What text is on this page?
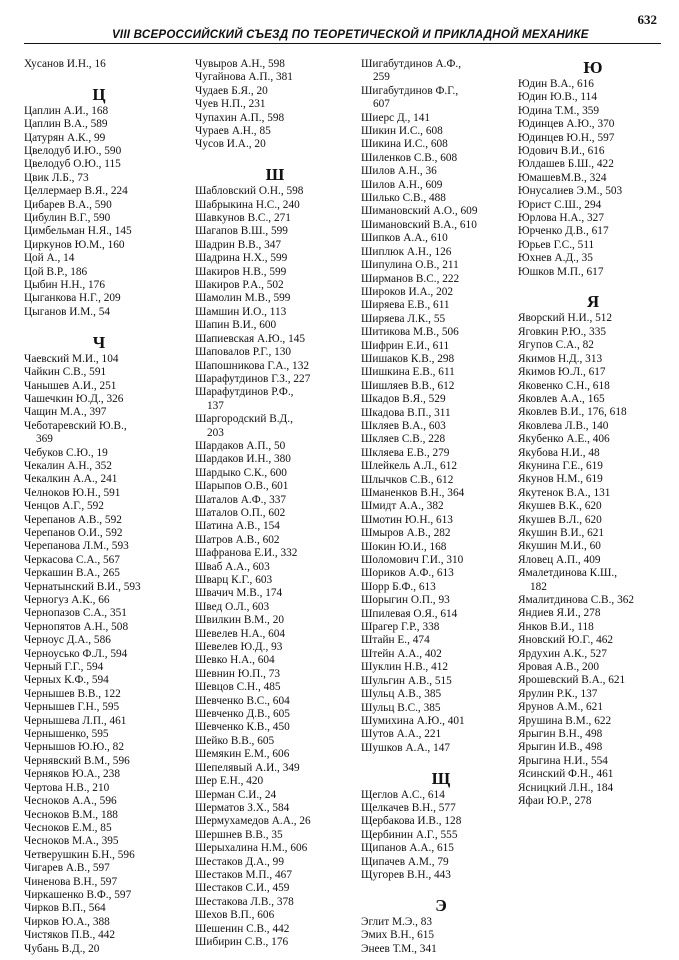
VIII ВСЕРОССИЙСКИЙ СЪЕЗД ПО ТЕОРЕТИЧЕСКОЙ И ПРИКЛАДНОЙ МЕХАНИКЕ
632
Хусанов И.Н., 16
Ц
Цаплин А.И., 168
Цаплин В.А., 589
Цатурян А.К., 99
Цвелодуб И.Ю., 590
Цвелодуб О.Ю., 115
Цвик Л.Б., 73
Целлермаер В.Я., 224
Цибарев В.А., 590
Цибулин В.Г., 590
Цимбельман Н.Я., 145
Циркунов Ю.М., 160
Цой А., 14
Цой В.Р., 186
Цыбин Н.Н., 176
Цыганкова Н.Г., 209
Цыганов И.М., 54
Ч
Чаевский М.И., 104
Чайкин С.В., 591
Чанышев А.И., 251
Чашечкин Ю.Д., 326
Чащин М.А., 397
Чеботаревский Ю.В.,
369
Чебуков С.Ю., 19
Чекалин А.Н., 352
Чекалкин А.А., 241
Челноков Ю.Н., 591
Ченцов А.Г., 592
Черепанов А.В., 592
Черепанов О.И., 592
Черепанова Л.М., 593
Черкасова С.А., 567
Черкашин В.А., 265
Чернатынский В.И., 593
Черногуз А.К., 66
Чернопазов С.А., 351
Чернопятов А.Н., 508
Черноус Д.А., 586
Черноусько Ф.Л., 594
Черный Г.Г., 594
Черных К.Ф., 594
Чернышев В.В., 122
Чернышев Г.Н., 595
Чернышева Л.П., 461
Чернышенко, 595
Чернышов Ю.Ю., 82
Чернявский В.М., 596
Черняков Ю.А., 238
Чертова Н.В., 210
Чесноков А.А., 596
Чесноков В.М., 188
Чесноков Е.М., 85
Чесноков М.А., 395
Четверушкин Б.Н., 596
Чигарев А.В., 597
Чиненова В.Н., 597
Чиркашенко В.Ф., 597
Чирков В.П., 564
Чирков Ю.А., 388
Чистяков П.В., 442
Чубань В.Д., 20
Чувыров А.Н., 598
Чугайнова А.П., 381
Чудаев Б.Я., 20
Чуев Н.П., 231
Чупахин А.П., 598
Чураев А.Н., 85
Чусов И.А., 20
Ш
Шабловский О.Н., 598
Шабрыкина Н.С., 240
Шавкунов В.С., 271
Шагапов В.Ш., 599
Шадрин В.В., 347
Шадрина Н.Х., 599
Шакиров Н.В., 599
Шакиров Р.А., 502
Шамолин М.В., 599
Шамшин И.О., 113
Шапин В.И., 600
Шапиевская А.Ю., 145
Шаповалов Р.Г., 130
Шапошникова Г.А., 132
Шарафутдинов Г.З., 227
Шарафутдинов Р.Ф.,
137
Шаргородский В.Д.,
203
Шардаков А.П., 50
Шардаков И.Н., 380
Шардыко С.К., 600
Шарыпов О.В., 601
Шаталов А.Ф., 337
Шаталов О.П., 602
Шатина А.В., 154
Шатров А.В., 602
Шафранова Е.И., 332
Шваб А.А., 603
Шварц К.Г., 603
Швачич М.В., 174
Швед О.Л., 603
Швилкин В.М., 20
Шевелев Н.А., 604
Шевелев Ю.Д., 93
Шевко Н.А., 604
Шевнин Ю.П., 73
Шевцов С.Н., 485
Шевченко В.С., 604
Шевченко Д.В., 605
Шевченко К.В., 450
Шейко В.В., 605
Шемякин Е.М., 606
Шепелявый А.И., 349
Шер Е.Н., 420
Шерман С.И., 24
Шерматов З.Х., 584
Шермухамедов А.А., 26
Шершнев В.В., 35
Шерыхалина Н.М., 606
Шестаков Д.А., 99
Шестаков М.П., 467
Шестаков С.И., 459
Шестакова Л.В., 378
Шехов В.П., 606
Шешенин С.В., 442
Шибирин С.В., 176
Шигабутдинов А.Ф.,
259
Шигабутдинов Ф.Г.,
607
Шиерс Д., 141
Шикин И.С., 608
Шикина И.С., 608
Шиленков С.В., 608
Шилов А.Н., 36
Шилов А.Н., 609
Шилько С.В., 488
Шимановский А.О., 609
Шимановский В.А., 610
Шипков А.А., 610
Шиплюк А.Н., 126
Шипулина О.В., 211
Ширманов В.С., 222
Широков И.А., 202
Ширяева Е.В., 611
Ширяева Л.К., 55
Шитикова М.В., 506
Шифрин Е.И., 611
Шишаков К.В., 298
Шишкина Е.В., 611
Шишляев В.В., 612
Шкадов В.Я., 529
Шкадова В.П., 311
Шкляев В.А., 603
Шкляев С.В., 228
Шкляева Е.В., 279
Шлейкель А.Л., 612
Шлычков С.В., 612
Шманенков В.Н., 364
Шмидт А.А., 382
Шмотин Ю.Н., 613
Шмыров А.В., 282
Шокин Ю.И., 168
Шоломович Г.И., 310
Шориков А.Ф., 613
Шорр Б.Ф., 613
Шорыгин О.П., 93
Шпилевая О.Я., 614
Шрагер Г.Р., 338
Штайн Е., 474
Штейн А.А., 402
Шуклин Н.В., 412
Шульгин А.В., 515
Шульц А.В., 385
Шульц В.С., 385
Шумихина А.Ю., 401
Шутов А.А., 221
Шушков А.А., 147
Щ
Щеглов А.С., 614
Щелкачев В.Н., 577
Щербакова И.В., 128
Щербинин А.Г., 555
Щипанов А.А., 615
Щипачев А.М., 79
Щугорев В.Н., 443
Э
Эглит М.Э., 83
Эмих В.Н., 615
Энеев Т.М., 341
Ю
Юдин В.А., 616
Юдин Ю.В., 114
Юдина Т.М., 359
Юдинцев А.Ю., 370
Юдинцев Ю.Н., 597
Юдович В.И., 616
Юлдашев Б.Ш., 422
ЮмашевМ.В., 324
Юнусалиев Э.М., 503
Юрист С.Ш., 294
Юрлова Н.А., 327
Юрченко Д.В., 617
Юрьев Г.С., 511
Юхнев А.Д., 35
Юшков М.П., 617
Я
Яворский Н.И., 512
Яговкин Р.Ю., 335
Ягупов С.А., 82
Якимов Н.Д., 313
Якимов Ю.Л., 617
Яковенко С.Н., 618
Яковлев А.А., 165
Яковлев В.И., 176, 618
Яковлева Л.В., 140
Якубенко А.Е., 406
Якубова Н.И., 48
Якунина Г.Е., 619
Якунов Н.М., 619
Якутенок В.А., 131
Якушев В.К., 620
Якушев В.Л., 620
Якушин В.И., 621
Якушин М.И., 60
Яловец А.П., 409
Ямалетдинова К.Ш.,
182
Ямалитдинова С.В., 362
Яндиев Я.И., 278
Янков В.И., 118
Яновский Ю.Г., 462
Ярдухин А.К., 527
Яровая А.В., 200
Ярошевский В.А., 621
Ярулин Р.К., 137
Ярунов А.М., 621
Ярушина В.М., 622
Ярыгин В.Н., 498
Ярыгин И.В., 498
Ярыгина Н.И., 554
Ясинский Ф.Н., 461
Ясницкий Л.Н., 184
Яфаи Ю.Р., 278
